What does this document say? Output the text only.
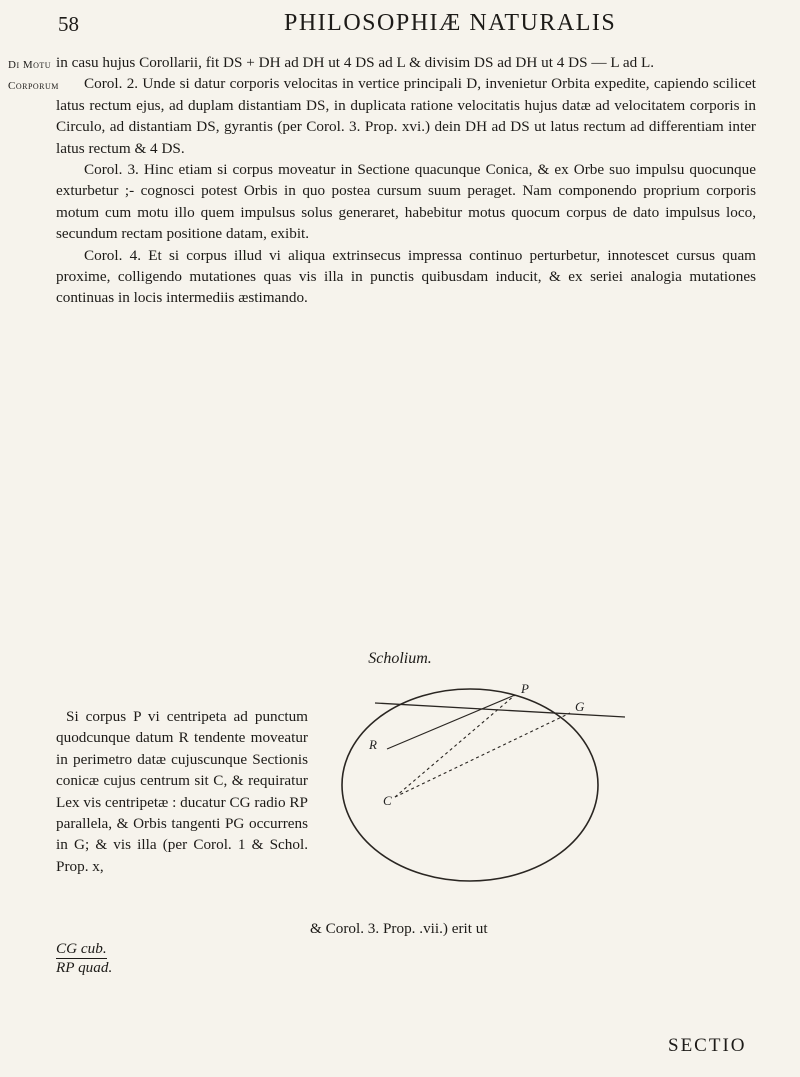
58	PHILOSOPHIÆ NATURALIS
Di Motu
Corporum

in casu hujus Corollarii, fit DS + DH ad DH ut 4 DS ad L & divisim DS ad DH ut 4 DS — L ad L.

Corol. 2. Unde si datur corporis velocitas in vertice principali D, invenietur Orbita expedite, capiendo scilicet latus rectum ejus, ad duplam distantiam DS, in duplicata ratione velocitatis hujus datæ ad velocitatem corporis in Circulo, ad distantiam DS, gyrantis (per Corol. 3. Prop. xvi.) dein DH ad DS ut latus rectum ad differentiam inter latus rectum & 4 DS.

Corol. 3. Hinc etiam si corpus moveatur in Sectione quacunque Conica, & ex Orbe suo impulsu quocunque exturbetur ;- cognosci potest Orbis in quo postea cursum suum peraget. Nam componendo proprium corporis motum cum motu illo quem impulsus solus generaret, habebitur motus quocum corpus de dato impulsus loco, secundum rectam positione datam, exibit.

Corol. 4. Et si corpus illud vi aliqua extrinsecus impressa continuo perturbetur, innotescet cursus quam proxime, colligendo mutationes quas vis illa in punctis quibusdam inducit, & ex seriei analogia mutationes continuas in locis intermediis æstimando.

Scholium.

Si corpus P vi centripeta ad punctum quodcunque datum R tendente moveatur in perimetro datæ cujuscunque Sectionis conicæ cujus centrum sit C, & requiratur Lex vis centripetæ : ducatur CG radio RP parallela, & Orbis tangenti PG occurrens in G; & vis illa (per Corol. 1 & Schol. Prop. x,

P
G
R
C
& Corol. 3. Prop. .vii.) erit ut
CG cub.
RP quad.
SECTIO
